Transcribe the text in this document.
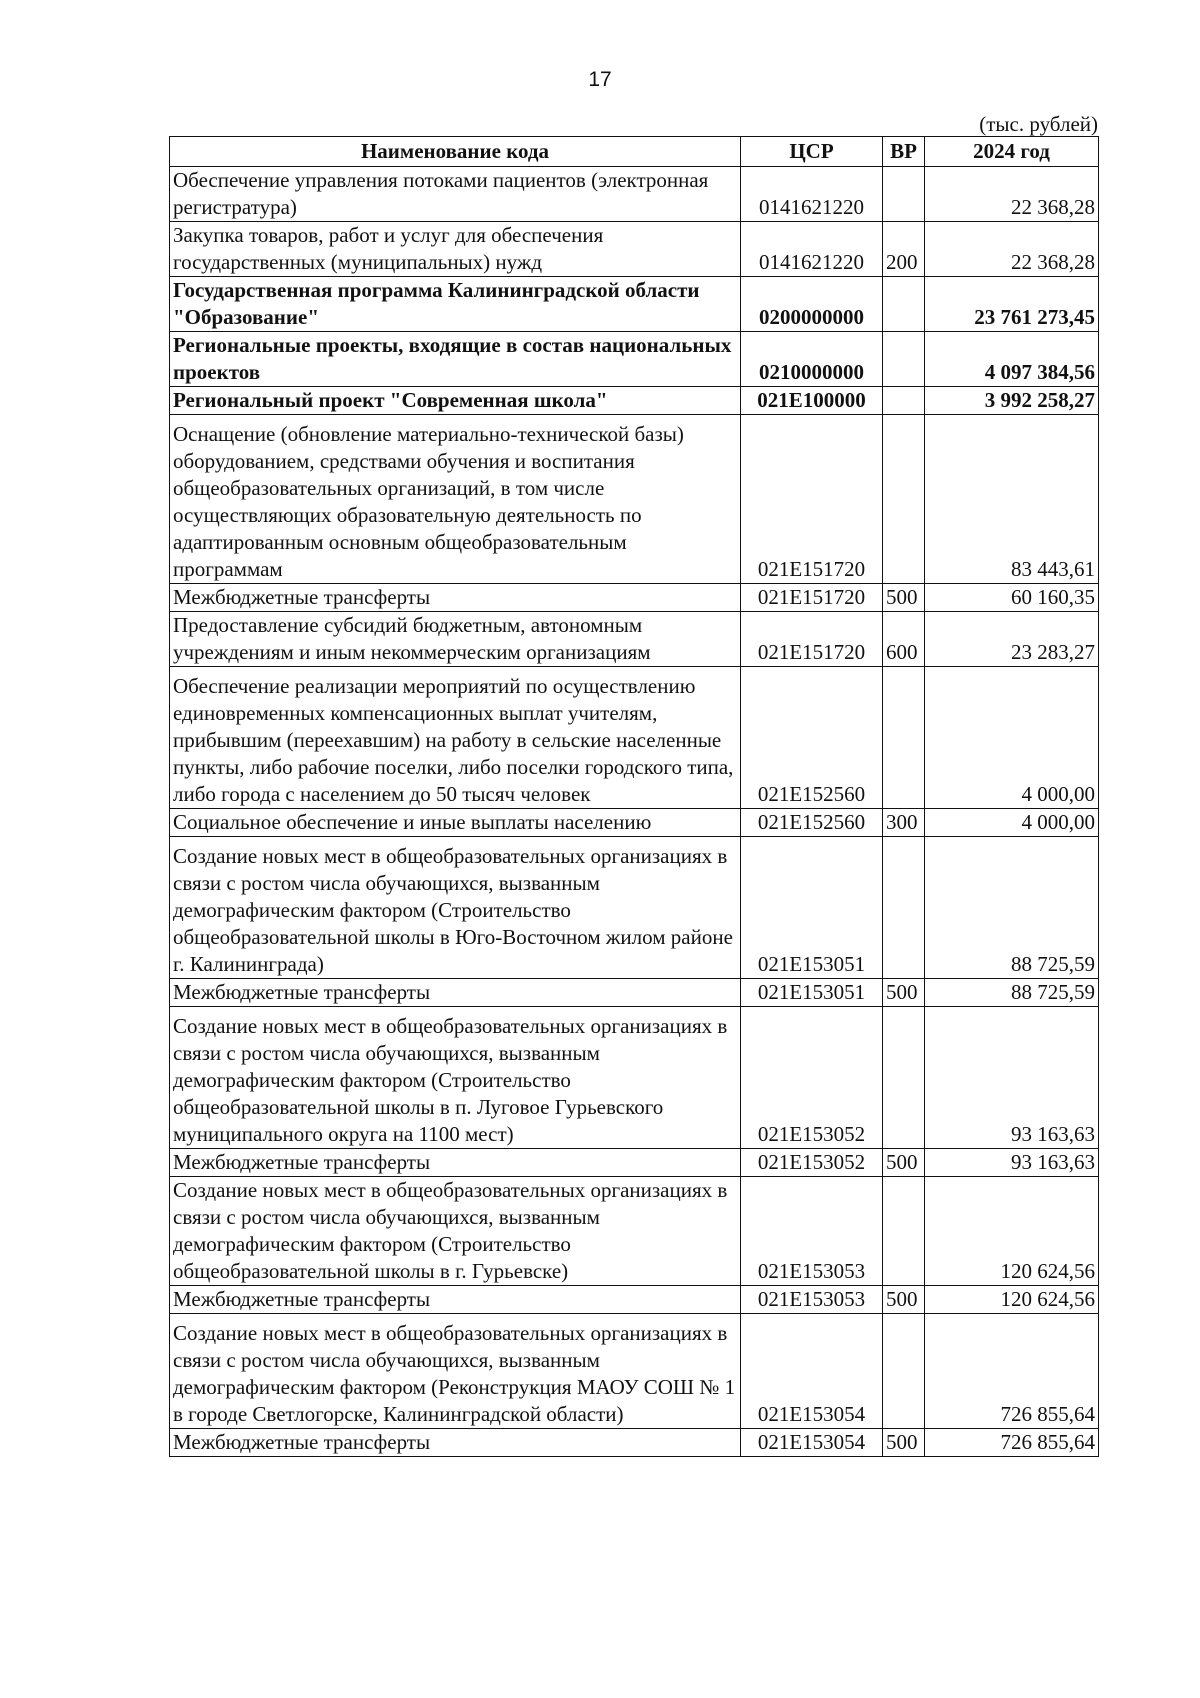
17
(тыс. рублей)
Наименование кода	ЦСР	ВР	2024 год
Обеспечение управления потоками пациентов (электронная регистратура)	0141621220		22 368,28
Закупка товаров, работ и услуг для обеспечения государственных (муниципальных) нужд	0141621220	200	22 368,28
Государственная программа Калининградской области "Образование"	0200000000		23 761 273,45
Региональные проекты, входящие в состав национальных проектов	0210000000		4 097 384,56
Региональный проект "Современная школа"	021Е100000		3 992 258,27
Оснащение (обновление материально-технической базы) оборудованием, средствами обучения и воспитания общеобразовательных организаций, в том числе осуществляющих образовательную деятельность по адаптированным основным общеобразовательным программам	021Е151720		83 443,61
Межбюджетные трансферты	021Е151720	500	60 160,35
Предоставление субсидий бюджетным, автономным учреждениям и иным некоммерческим организациям	021Е151720	600	23 283,27
Обеспечение реализации мероприятий по осуществлению единовременных компенсационных выплат учителям, прибывшим (переехавшим) на работу в сельские населенные пункты, либо рабочие поселки, либо поселки городского типа, либо города с населением до 50 тысяч человек	021Е152560		4 000,00
Социальное обеспечение и иные выплаты населению	021Е152560	300	4 000,00
Создание новых мест в общеобразовательных организациях в связи с ростом числа обучающихся, вызванным демографическим фактором (Строительство общеобразовательной школы в Юго-Восточном жилом районе г. Калининграда)	021Е153051		88 725,59
Межбюджетные трансферты	021Е153051	500	88 725,59
Создание новых мест в общеобразовательных организациях в связи с ростом числа обучающихся, вызванным демографическим фактором (Строительство общеобразовательной школы в п. Луговое Гурьевского муниципального округа на 1100 мест)	021Е153052		93 163,63
Межбюджетные трансферты	021Е153052	500	93 163,63
Создание новых мест в общеобразовательных организациях в связи с ростом числа обучающихся, вызванным демографическим фактором (Строительство общеобразовательной школы в г. Гурьевске)	021Е153053		120 624,56
Межбюджетные трансферты	021Е153053	500	120 624,56
Создание новых мест в общеобразовательных организациях в связи с ростом числа обучающихся, вызванным демографическим фактором (Реконструкция МАОУ СОШ № 1 в городе Светлогорске, Калининградской области)	021Е153054		726 855,64
Межбюджетные трансферты	021Е153054	500	726 855,64
